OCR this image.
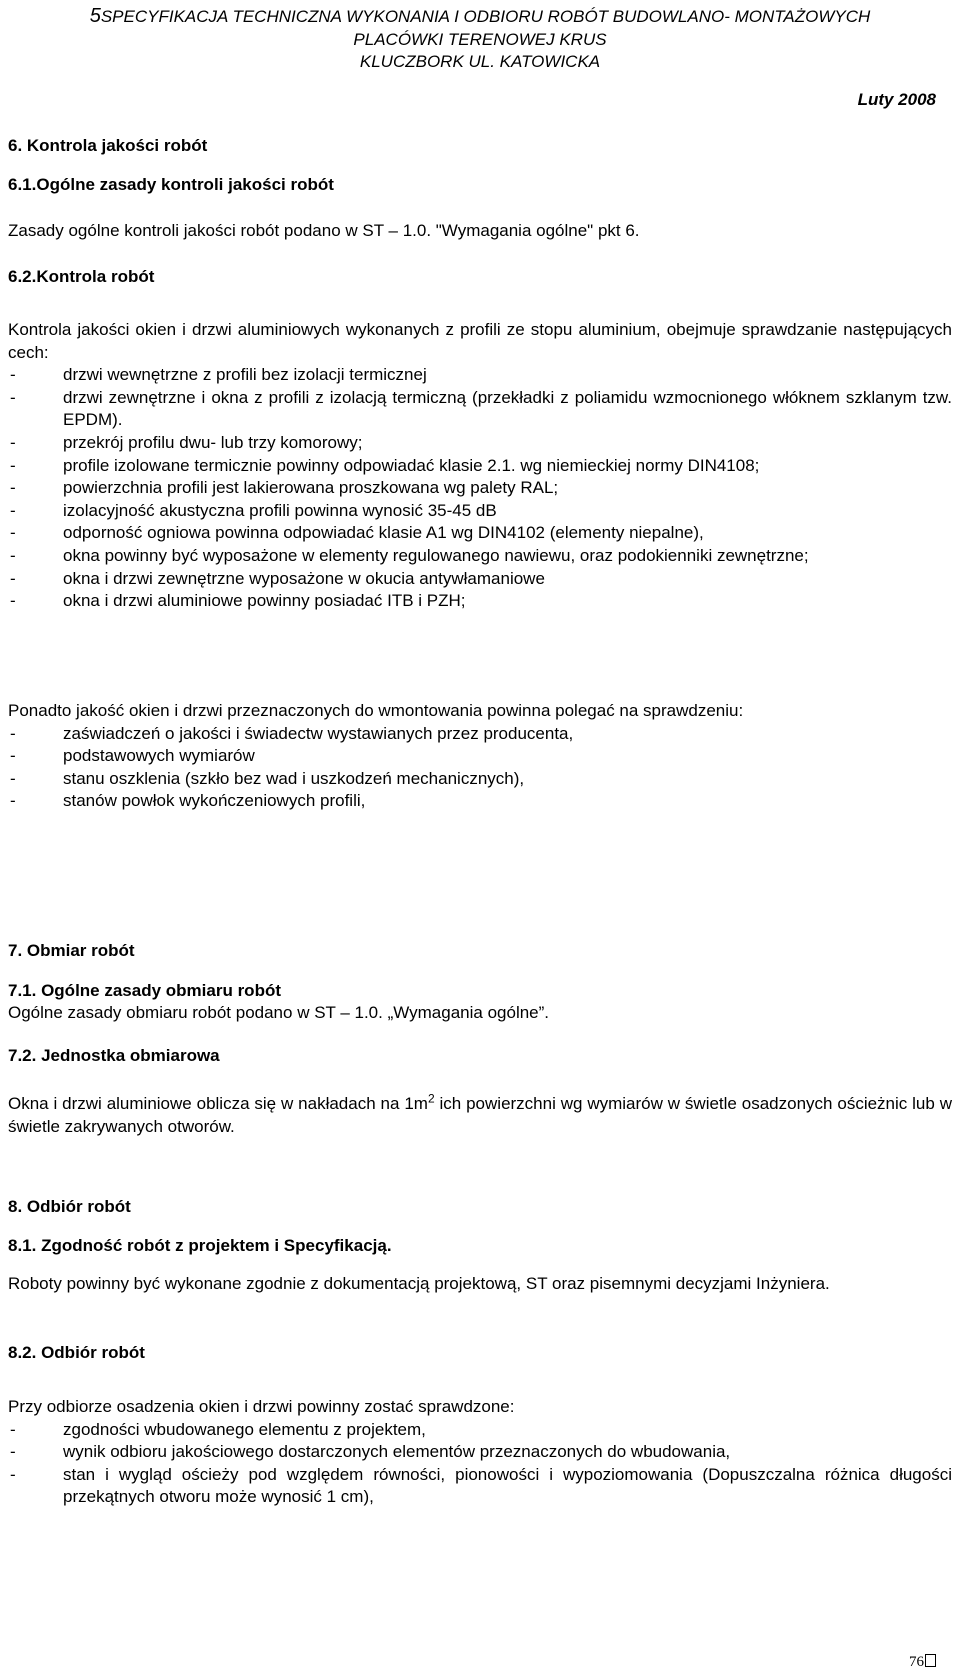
5SPECYFIKACJA TECHNICZNA WYKONANIA I ODBIORU ROBÓT BUDOWLANO- MONTAŻOWYCH
PLACÓWKI TERENOWEJ KRUS
KLUCZBORK UL. KATOWICKA
Luty 2008
6. Kontrola jakości robót
6.1.Ogólne zasady kontroli jakości robót
Zasady ogólne kontroli jakości robót podano w ST – 1.0. "Wymagania ogólne" pkt 6.
6.2.Kontrola robót
Kontrola jakości okien i drzwi aluminiowych wykonanych z profili ze stopu aluminium, obejmuje sprawdzanie następujących cech:
- drzwi wewnętrzne z profili bez izolacji termicznej
- drzwi zewnętrzne i okna z profili z izolacją termiczną (przekładki z poliamidu wzmocnionego włóknem szklanym tzw. EPDM).
- przekrój profilu dwu- lub trzy komorowy;
- profile izolowane termicznie powinny odpowiadać klasie 2.1. wg niemieckiej normy DIN4108;
- powierzchnia profili jest lakierowana proszkowana wg palety RAL;
- izolacyjność akustyczna profili powinna wynosić 35-45 dB
- odporność ogniowa powinna odpowiadać klasie A1 wg DIN4102 (elementy niepalne),
- okna powinny być wyposażone w elementy regulowanego nawiewu, oraz podokienniki zewnętrzne;
- okna i drzwi zewnętrzne wyposażone w okucia antywłamaniowe
- okna i drzwi aluminiowe powinny posiadać ITB i PZH;
Ponadto jakość okien i drzwi przeznaczonych do wmontowania powinna polegać na sprawdzeniu:
- zaświadczeń o jakości i świadectw wystawianych przez producenta,
- podstawowych wymiarów
- stanu oszklenia (szkło bez wad i uszkodzeń mechanicznych),
- stanów powłok wykończeniowych profili,
7. Obmiar robót
7.1. Ogólne zasady obmiaru robót
Ogólne zasady obmiaru robót podano w ST – 1.0. „Wymagania ogólne”.
7.2. Jednostka obmiarowa
Okna i drzwi aluminiowe oblicza się w nakładach na $1m^2$ ich powierzchni wg wymiarów w świetle osadzonych ościeżnic lub w świetle zakrywanych otworów.
8. Odbiór robót
8.1. Zgodność robót z projektem i Specyfikacją.
Roboty powinny być wykonane zgodnie z dokumentacją projektową, ST oraz pisemnymi decyzjami Inżyniera.
8.2. Odbiór robót
Przy odbiorze osadzenia okien i drzwi powinny zostać sprawdzone:
- zgodności wbudowanego elementu z projektem,
- wynik odbioru jakościowego dostarczonych elementów przeznaczonych do wbudowania,
- stan i wygląd ościeży pod względem równości, pionowości i wypoziomowania (Dopuszczalna różnica długości przekątnych otworu może wynosić 1 cm),
76
